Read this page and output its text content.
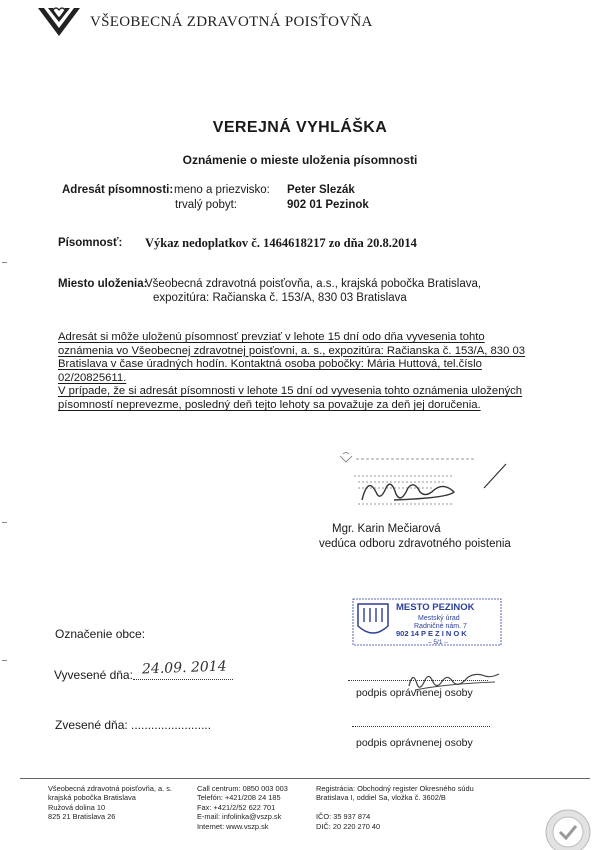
VŠEOBECNÁ ZDRAVOTNÁ POISŤOVŇA
VEREJNÁ VYHLÁŠKA
Oznámenie o mieste uloženia písomnosti
Adresát písomnosti: meno a priezvisko: Peter Slezák
trvalý pobyt:	902 01 Pezinok
Písomnosť: Výkaz nedoplatkov č. 1464618217 zo dňa 20.8.2014
Miesto uloženia:
Všeobecná zdravotná poisťovňa, a.s., krajská pobočka Bratislava,
expozitúra: Račianska č. 153/A, 830 03 Bratislava

Adresát si môže uloženú písomnosť prevziať v lehote 15 dní odo dňa vyvesenia tohto oznámenia vo Všeobecnej zdravotnej poisťovni, a. s., expozitúra: Račianska č. 153/A, 830 03 Bratislava v čase úradných hodín. Kontaktná osoba pobočky: Mária Huttová, tel.číslo 02/20825611.

V prípade, že si adresát písomnosti v lehote 15 dní od vyvesenia tohto oznámenia uložených písomností neprevezme, posledný deň tejto lehoty sa považuje za deň jej doručenia.

Mgr. Karin Mečiarová
vedúca odboru zdravotného poistenia
MESTO PEZINOK
Mestský úrad
Radničné nám. 7
902 14 P E Z I N O K
– 5/1 –
Označenie obce:
Vyvesené dňa: 24.09. 2014
podpis oprávnenej osoby
Zvesené dňa: ........................
podpis oprávnenej osoby
Všeobecná zdravotná poisťovňa, a. s.
krajská pobočka Bratislava
Ružová dolina 10
825 21 Bratislava 26
Call centrum: 0850 003 003
Telefón: +421/208 24 185
Fax: +421/2/52 622 701
E-mail: infolinka@vszp.sk
Internet: www.vszp.sk
Registrácia: Obchodný register Okresného súdu
Bratislava I, oddiel Sa, vložka č. 3602/B

IČO: 35 937 874
DIČ: 20 220 270 40
